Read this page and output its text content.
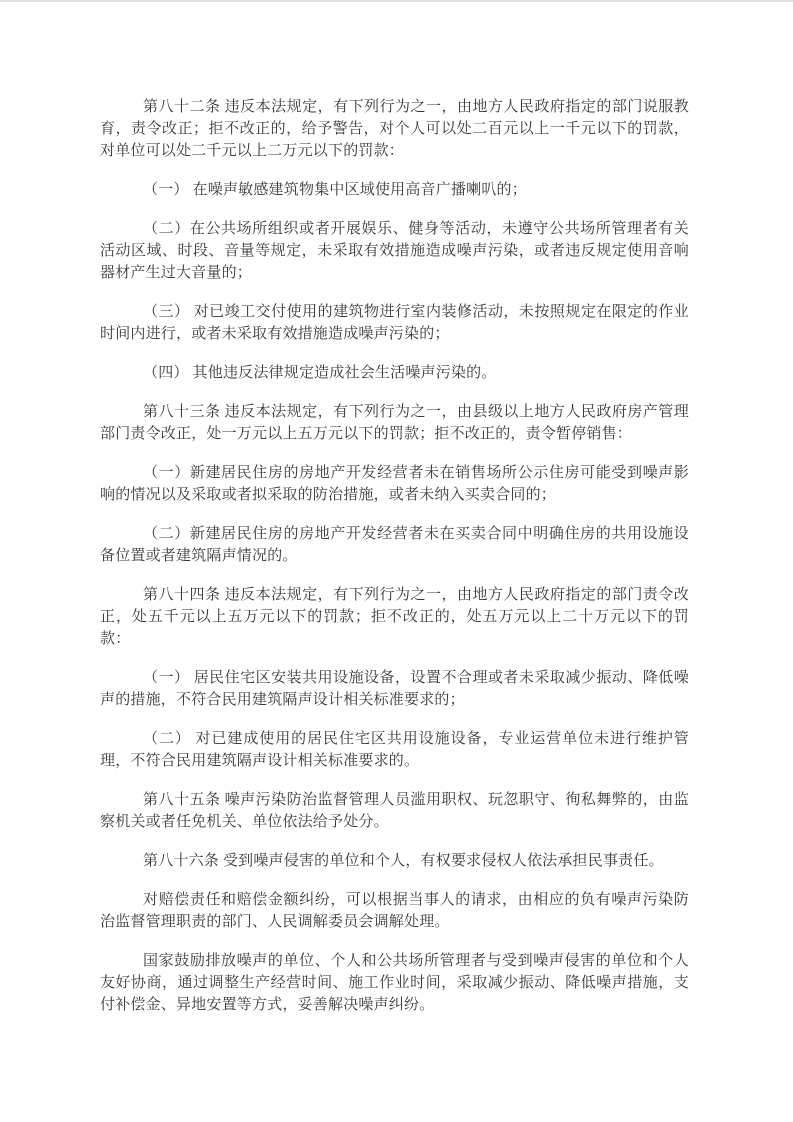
第八十二条 违反本法规定，有下列行为之一，由地方人民政府指定的部门说服教育，责令改正；拒不改正的，给予警告，对个人可以处二百元以上一千元以下的罚款，对单位可以处二千元以上二万元以下的罚款：

（一） 在噪声敏感建筑物集中区域使用高音广播喇叭的；

（二）在公共场所组织或者开展娱乐、健身等活动，未遵守公共场所管理者有关活动区域、时段、音量等规定，未采取有效措施造成噪声污染，或者违反规定使用音响器材产生过大音量的；

（三） 对已竣工交付使用的建筑物进行室内装修活动，未按照规定在限定的作业时间内进行，或者未采取有效措施造成噪声污染的；

（四） 其他违反法律规定造成社会生活噪声污染的。

第八十三条 违反本法规定，有下列行为之一，由县级以上地方人民政府房产管理部门责令改正，处一万元以上五万元以下的罚款；拒不改正的，责令暂停销售：

（一）新建居民住房的房地产开发经营者未在销售场所公示住房可能受到噪声影响的情况以及采取或者拟采取的防治措施，或者未纳入买卖合同的；

（二）新建居民住房的房地产开发经营者未在买卖合同中明确住房的共用设施设备位置或者建筑隔声情况的。

第八十四条 违反本法规定，有下列行为之一，由地方人民政府指定的部门责令改正，处五千元以上五万元以下的罚款；拒不改正的，处五万元以上二十万元以下的罚款：

（一） 居民住宅区安装共用设施设备，设置不合理或者未采取减少振动、降低噪声的措施，不符合民用建筑隔声设计相关标准要求的；

（二） 对已建成使用的居民住宅区共用设施设备，专业运营单位未进行维护管理，不符合民用建筑隔声设计相关标准要求的。

第八十五条 噪声污染防治监督管理人员滥用职权、玩忽职守、徇私舞弊的，由监察机关或者任免机关、单位依法给予处分。

第八十六条 受到噪声侵害的单位和个人，有权要求侵权人依法承担民事责任。

对赔偿责任和赔偿金额纠纷，可以根据当事人的请求，由相应的负有噪声污染防治监督管理职责的部门、人民调解委员会调解处理。

国家鼓励排放噪声的单位、个人和公共场所管理者与受到噪声侵害的单位和个人友好协商，通过调整生产经营时间、施工作业时间，采取减少振动、降低噪声措施，支付补偿金、异地安置等方式，妥善解决噪声纠纷。
